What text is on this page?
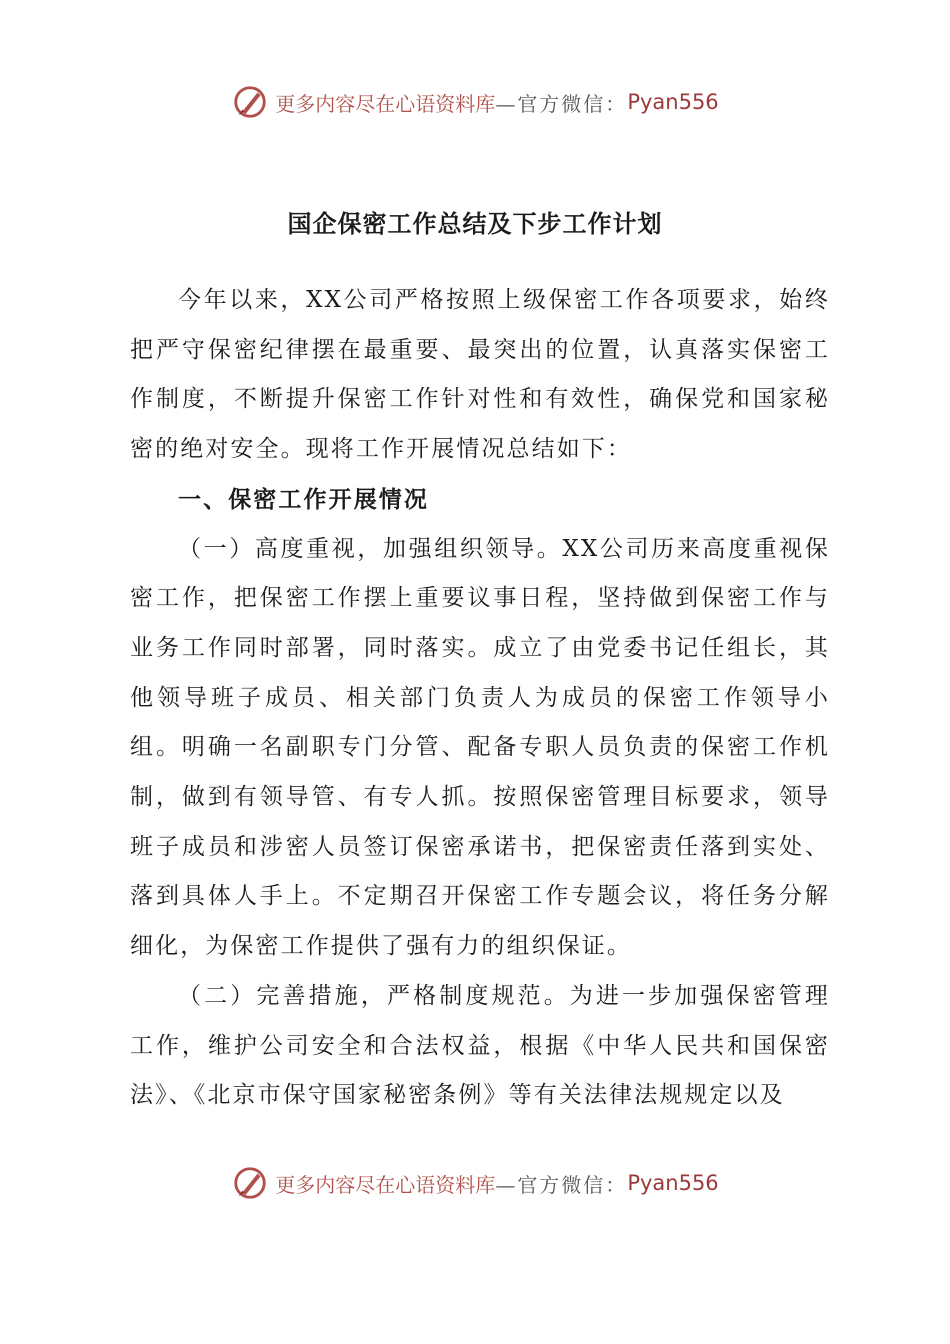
更多内容尽在心语资料库 —官方微信： Pyan556
国企保密工作总结及下步工作计划

今年以来，XX公司严格按照上级保密工作各项要求，始终把严守保密纪律摆在最重要、最突出的位置，认真落实保密工作制度，不断提升保密工作针对性和有效性，确保党和国家秘密的绝对安全。现将工作开展情况总结如下：

一、保密工作开展情况

（一）高度重视，加强组织领导。XX公司历来高度重视保密工作，把保密工作摆上重要议事日程，坚持做到保密工作与业务工作同时部署，同时落实。成立了由党委书记任组长，其他领导班子成员、相关部门负责人为成员的保密工作领导小组。明确一名副职专门分管、配备专职人员负责的保密工作机制，做到有领导管、有专人抓。按照保密管理目标要求，领导班子成员和涉密人员签订保密承诺书，把保密责任落到实处、落到具体人手上。不定期召开保密工作专题会议，将任务分解细化，为保密工作提供了强有力的组织保证。

（二）完善措施，严格制度规范。为进一步加强保密管理工作，维护公司安全和合法权益，根据《中华人民共和国保密法》、《北京市保守国家秘密条例》等有关法律法规规定以及

更多内容尽在心语资料库 —官方微信： Pyan556
